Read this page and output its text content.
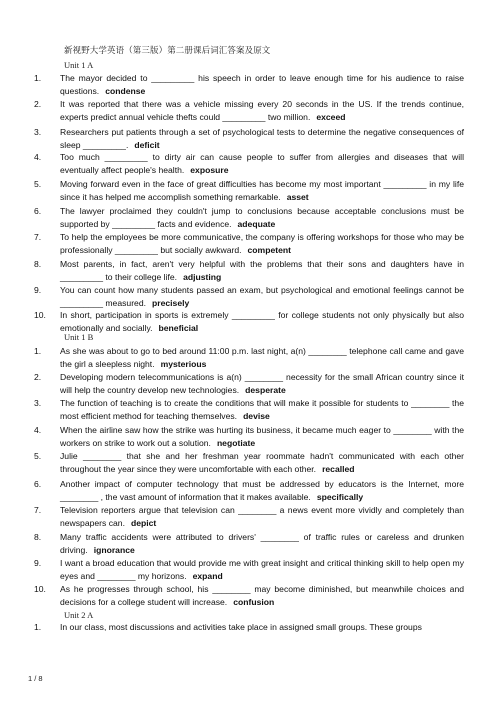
新视野大学英语（第三版）第二册课后词汇答案及原文
Unit 1 A
1.	The mayor decided to _________ his speech in order to leave enough time for his audience to raise questions. condense
2.	It was reported that there was a vehicle missing every 20 seconds in the US. If the trends continue, experts predict annual vehicle thefts could _________ two million. exceed
3.	Researchers put patients through a set of psychological tests to determine the negative consequences of sleep _________. deficit
4.	Too much _________ to dirty air can cause people to suffer from allergies and diseases that will eventually affect people's health. exposure
5.	Moving forward even in the face of great difficulties has become my most important _________ in my life since it has helped me accomplish something remarkable. asset
6.	The lawyer proclaimed they couldn't jump to conclusions because acceptable conclusions must be supported by _________ facts and evidence. adequate
7.	To help the employees be more communicative, the company is offering workshops for those who may be professionally _________ but socially awkward. competent
8.	Most parents, in fact, aren't very helpful with the problems that their sons and daughters have in _________ to their college life. adjusting
9.	You can count how many students passed an exam, but psychological and emotional feelings cannot be _________ measured. precisely
10.	In short, participation in sports is extremely _________ for college students not only physically but also emotionally and socially. beneficial
Unit 1 B
1.	As she was about to go to bed around 11:00 p.m. last night, a(n) ________ telephone call came and gave the girl a sleepless night. mysterious
2.	Developing modern telecommunications is a(n) ________ necessity for the small African country since it will help the country develop new technologies. desperate
3.	The function of teaching is to create the conditions that will make it possible for students to ________ the most efficient method for teaching themselves. devise
4.	When the airline saw how the strike was hurting its business, it became much eager to ________ with the workers on strike to work out a solution. negotiate
5.	Julie ________ that she and her freshman year roommate hadn't communicated with each other throughout the year since they were uncomfortable with each other. recalled
6.	Another impact of computer technology that must be addressed by educators is the Internet, more ________ , the vast amount of information that it makes available. specifically
7.	Television reporters argue that television can ________ a news event more vividly and completely than newspapers can. depict
8.	Many traffic accidents were attributed to drivers' ________ of traffic rules or careless and drunken driving. ignorance
9.	I want a broad education that would provide me with great insight and critical thinking skill to help open my eyes and ________ my horizons. expand
10.	As he progresses through school, his ________ may become diminished, but meanwhile choices and decisions for a college student will increase. confusion
Unit 2 A
1.	In our class, most discussions and activities take place in assigned small groups. These groups
1 / 8
